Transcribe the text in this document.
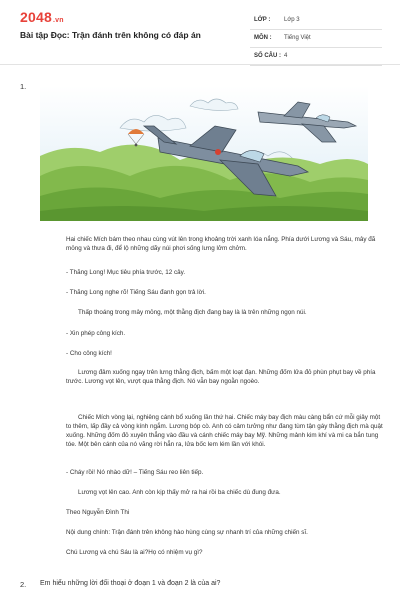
2048.vn
Bài tập Đọc: Trận đánh trên không có đáp án
LỚP : Lớp 3
MÔN : Tiếng Việt
SỐ CÂU : 4
1.
Hai chiếc Mích bám theo nhau cùng vút lên trong khoảng trời xanh lóa nắng. Phía dưới Lương và Sáu, mây đã mỏng và thưa đi, để lộ những dãy núi phơi sống lưng lởm chởm.
- Thăng Long! Mục tiêu phía trước, 12 cây.
- Thăng Long nghe rõ! Tiếng Sáu đanh gọn trả lời.
Thấp thoáng trong mây mỏng, một thằng địch đang bay là là trên những ngọn núi.
- Xin phép công kích.
- Cho công kích!
Lương đâm xuống ngay trên lưng thằng địch, bấm một loạt đạn. Những đốm lửa đỏ phùn phụt bay về phía trước. Lương vọt lên, vượt qua thằng địch. Nó vẫn bay ngoằn ngoèo.
Chiếc Mích vòng lại, nghiêng cánh bổ xuống lần thứ hai. Chiếc máy bay địch màu càng bẩn cứ mỗi giây một to thêm, lấp đầy cả vòng kính ngắm. Lương bóp cò. Anh có cảm tưởng như đang tùm tận gáy thằng địch mà quật xuống. Những đốm đỏ xuyên thẳng vào đầu và cánh chiếc máy bay Mỹ. Những mảnh kim khí và mi ca bắn tung tóe. Một bên cánh của nó văng rời hẳn ra, lửa bốc lem lém lần với khói.
- Cháy rồi! Nó nhào dữ! – Tiếng Sáu reo liên tiếp.
Lương vọt lên cao. Anh còn kịp thấy mở ra hai rồi ba chiếc dù đung đưa.
Theo Nguyễn Đình Thi
Nội dung chính: Trận đánh trên không hào hùng cùng sự nhanh trí của những chiến sĩ.
Chú Lương và chú Sáu là ai?Họ có nhiệm vụ gì?
2. Em hiểu những lời đối thoại ở đoạn 1 và đoạn 2 là của ai?
